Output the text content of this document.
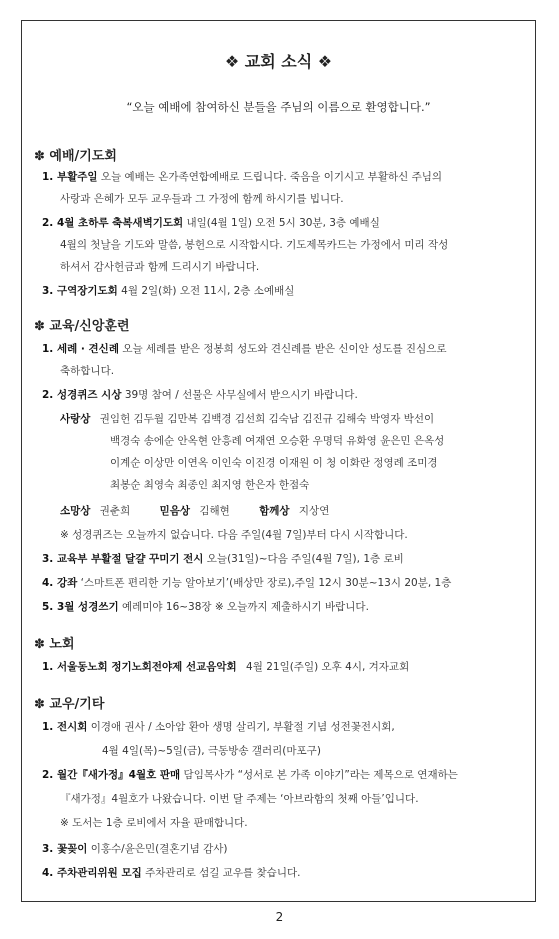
❖ 교회 소식 ❖
“오늘 예배에 참여하신 분들을 주님의 이름으로 환영합니다.”
✽ 예배/기도회
1. 부활주일 오늘 예배는 온가족연합예배로 드립니다. 죽음을 이기시고 부활하신 주님의
사랑과 은혜가 모두 교우들과 그 가정에 함께 하시기를 빕니다.
2. 4월 초하루 축복새벽기도회 내일(4월 1일) 오전 5시 30분, 3층 예배실
4월의 첫날을 기도와 말씀, 봉헌으로 시작합시다. 기도제목카드는 가정에서 미리 작성
하셔서 감사헌금과 함께 드리시기 바랍니다.
3. 구역장기도회 4월 2일(화) 오전 11시, 2층 소예배실
✽ 교육/신앙훈련
1. 세례 · 견신례 오늘 세례를 받은 정봉희 성도와 견신례를 받은 신이안 성도를 진심으로
축하합니다.
2. 성경퀴즈 시상 39명 참여 / 선물은 사무실에서 받으시기 바랍니다.
사랑상 권임헌 김두월 김만복 김백경 김선희 김숙남 김진규 김해숙 박영자 박선이
백경숙 송에순 안옥현 안흥례 여재연 오승환 우명덕 유화영 윤은민 은옥성
이계순 이상만 이연옥 이인숙 이진경 이재원 이 청 이화란 정영례 조미경
최봉순 최영숙 최종인 최지영 한은자 한점숙
소망상 권춘희	믿음상 김해현	함께상 지상연
※ 성경퀴즈는 오늘까지 없습니다. 다음 주일(4월 7일)부터 다시 시작합니다.
3. 교육부 부활절 달걀 꾸미기 전시 오늘(31일)~다음 주일(4월 7일), 1층 로비
4. 강좌 ‘스마트폰 편리한 기능 알아보기’(배상만 장로),주일 12시 30분~13시 20분, 1층
5. 3월 성경쓰기 예레미야 16~38장 ※ 오늘까지 제출하시기 바랍니다.
✽ 노회
1. 서울동노회 정기노회전야제 선교음악회 4월 21일(주일) 오후 4시, 겨자교회
✽ 교우/기타
1. 전시회 이경애 권사 / 소아암 환아 생명 살리기, 부활절 기념 성전꽃전시회,
4월 4일(목)~5일(금), 극동방송 갤러리(마포구)
2. 월간『새가정』4월호 판매 담임목사가 “성서로 본 가족 이야기”라는 제목으로 연재하는
『새가정』4월호가 나왔습니다. 이번 달 주제는 ‘아브라함의 첫째 아들’입니다.
※ 도서는 1층 로비에서 자율 판매합니다.
3. 꽃꽂이 이홍수/윤은민(결혼기념 감사)
4. 주차관리위원 모집 주차관리로 섬길 교우를 찾습니다.
2
